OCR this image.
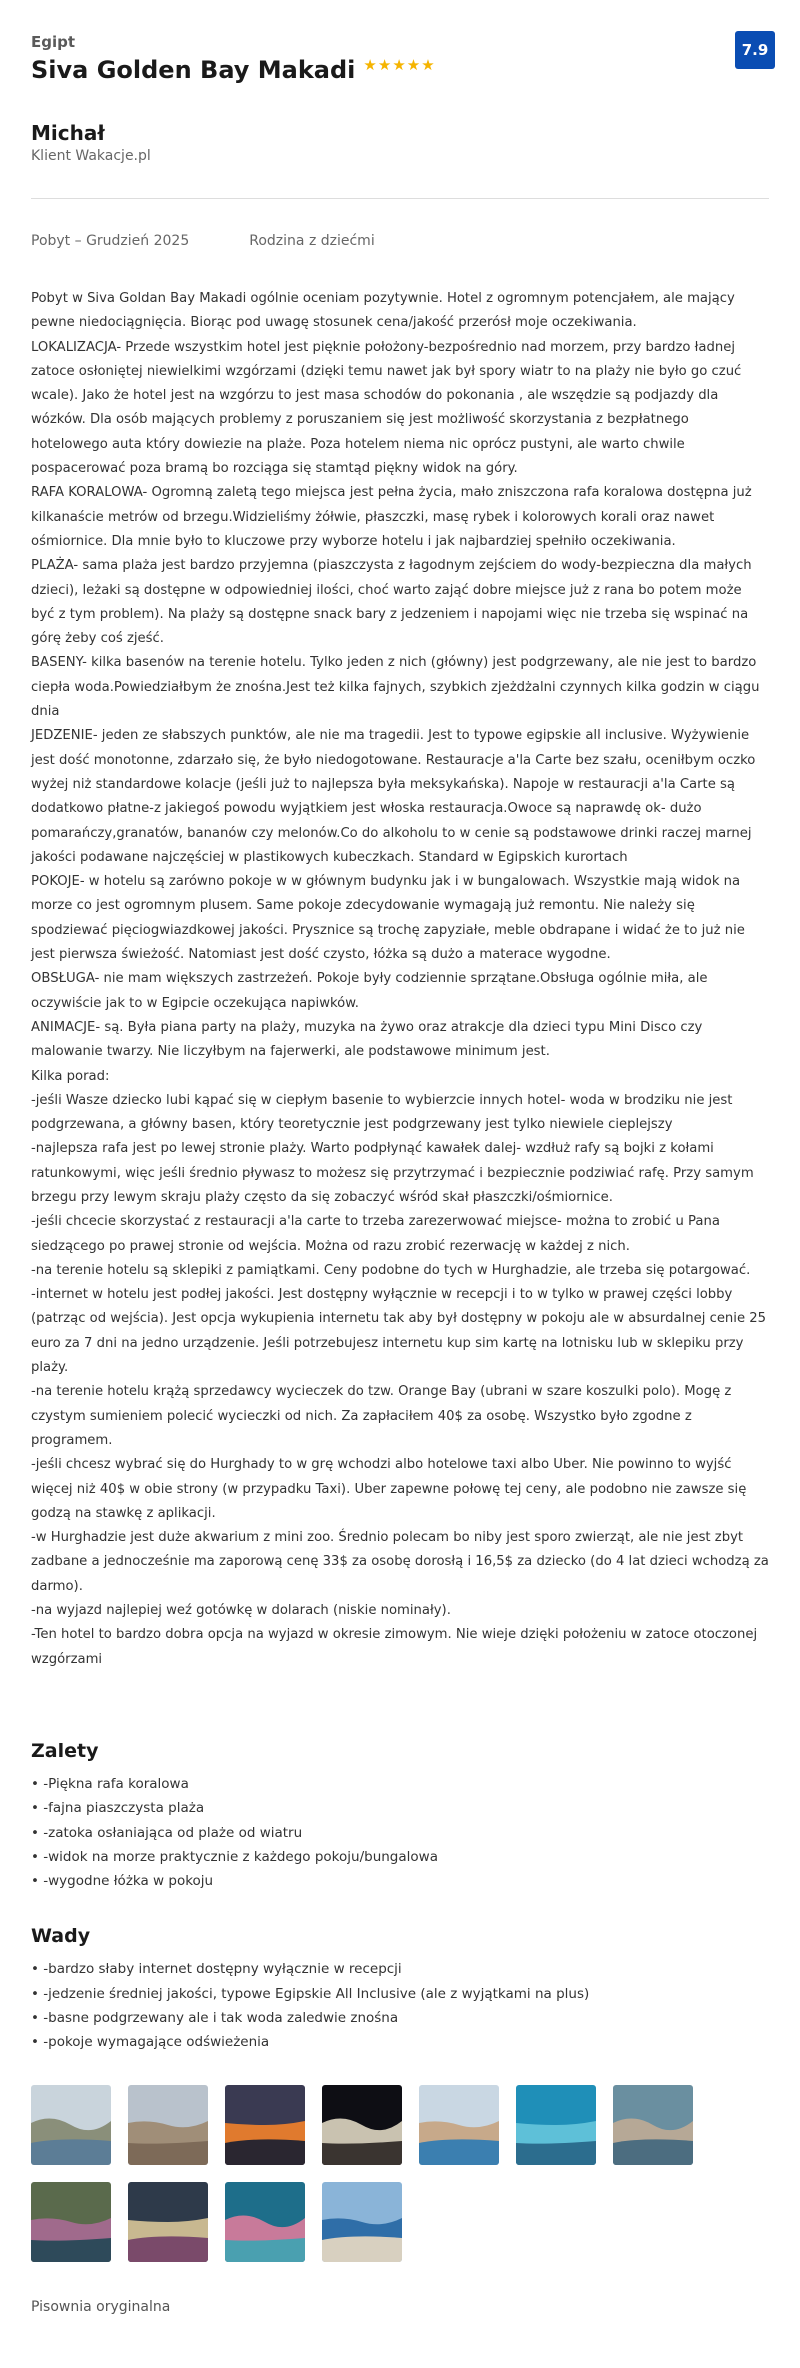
Egipt
Siva Golden Bay Makadi ★★★★★
7.9
Michał
Klient Wakacje.pl
Pobyt – Grudzień 2025	Rodzina z dziećmi

Pobyt w Siva Goldan Bay Makadi ogólnie oceniam pozytywnie. Hotel z ogromnym potencjałem, ale mający pewne niedociągnięcia. Biorąc pod uwagę stosunek cena/jakość przerósł moje oczekiwania.

LOKALIZACJA- Przede wszystkim hotel jest pięknie położony-bezpośrednio nad morzem, przy bardzo ładnej zatoce osłoniętej niewielkimi wzgórzami (dzięki temu nawet jak był spory wiatr to na plaży nie było go czuć wcale). Jako że hotel jest na wzgórzu to jest masa schodów do pokonania , ale wszędzie są podjazdy dla wózków. Dla osób mających problemy z poruszaniem się jest możliwość skorzystania z bezpłatnego hotelowego auta który dowiezie na plaże. Poza hotelem niema nic oprócz pustyni, ale warto chwile pospacerować poza bramą bo rozciąga się stamtąd piękny widok na góry.

RAFA KORALOWA- Ogromną zaletą tego miejsca jest pełna życia, mało zniszczona rafa koralowa dostępna już kilkanaście metrów od brzegu.Widzieliśmy żółwie, płaszczki, masę rybek i kolorowych korali oraz nawet ośmiornice. Dla mnie było to kluczowe przy wyborze hotelu i jak najbardziej spełniło oczekiwania.

PLAŻA- sama plaża jest bardzo przyjemna (piaszczysta z łagodnym zejściem do wody-bezpieczna dla małych dzieci), leżaki są dostępne w odpowiedniej ilości, choć warto zająć dobre miejsce już z rana bo potem może być z tym problem). Na plaży są dostępne snack bary z jedzeniem i napojami więc nie trzeba się wspinać na górę żeby coś zjeść.

BASENY- kilka basenów na terenie hotelu. Tylko jeden z nich (główny) jest podgrzewany, ale nie jest to bardzo ciepła woda.Powiedziałbym że znośna.Jest też kilka fajnych, szybkich zjeżdżalni czynnych kilka godzin w ciągu dnia

JEDZENIE- jeden ze słabszych punktów, ale nie ma tragedii. Jest to typowe egipskie all inclusive. Wyżywienie jest dość monotonne, zdarzało się, że było niedogotowane. Restauracje a'la Carte bez szału, oceniłbym oczko wyżej niż standardowe kolacje (jeśli już to najlepsza była meksykańska). Napoje w restauracji a'la Carte są dodatkowo płatne-z jakiegoś powodu wyjątkiem jest włoska restauracja.Owoce są naprawdę ok- dużo pomarańczy,granatów, bananów czy melonów.Co do alkoholu to w cenie są podstawowe drinki raczej marnej jakości podawane najczęściej w plastikowych kubeczkach. Standard w Egipskich kurortach

POKOJE- w hotelu są zarówno pokoje w w głównym budynku jak i w bungalowach. Wszystkie mają widok na morze co jest ogromnym plusem. Same pokoje zdecydowanie wymagają już remontu. Nie należy się spodziewać pięciogwiazdkowej jakości. Prysznice są trochę zapyziałe, meble obdrapane i widać że to już nie jest pierwsza świeżość. Natomiast jest dość czysto, łóżka są dużo a materace wygodne.

OBSŁUGA- nie mam większych zastrzeżeń. Pokoje były codziennie sprzątane.Obsługa ogólnie miła, ale oczywiście jak to w Egipcie oczekująca napiwków.

ANIMACJE- są. Była piana party na plaży, muzyka na żywo oraz atrakcje dla dzieci typu Mini Disco czy malowanie twarzy. Nie liczyłbym na fajerwerki, ale podstawowe minimum jest.

Kilka porad:

-jeśli Wasze dziecko lubi kąpać się w ciepłym basenie to wybierzcie innych hotel- woda w brodziku nie jest podgrzewana, a główny basen, który teoretycznie jest podgrzewany jest tylko niewiele cieplejszy

-najlepsza rafa jest po lewej stronie plaży. Warto podpłynąć kawałek dalej- wzdłuż rafy są bojki z kołami ratunkowymi, więc jeśli średnio pływasz to możesz się przytrzymać i bezpiecznie podziwiać rafę. Przy samym brzegu przy lewym skraju plaży często da się zobaczyć wśród skał płaszczki/ośmiornice.

-jeśli chcecie skorzystać z restauracji a'la carte to trzeba zarezerwować miejsce- można to zrobić u Pana siedzącego po prawej stronie od wejścia. Można od razu zrobić rezerwację w każdej z nich.

-na terenie hotelu są sklepiki z pamiątkami. Ceny podobne do tych w Hurghadzie, ale trzeba się potargować.

-internet w hotelu jest podłej jakości. Jest dostępny wyłącznie w recepcji i to w tylko w prawej części lobby (patrząc od wejścia). Jest opcja wykupienia internetu tak aby był dostępny w pokoju ale w absurdalnej cenie 25 euro za 7 dni na jedno urządzenie. Jeśli potrzebujesz internetu kup sim kartę na lotnisku lub w sklepiku przy plaży.

-na terenie hotelu krążą sprzedawcy wycieczek do tzw. Orange Bay (ubrani w szare koszulki polo). Mogę z czystym sumieniem polecić wycieczki od nich. Za zapłaciłem 40$ za osobę. Wszystko było zgodne z programem.

-jeśli chcesz wybrać się do Hurghady to w grę wchodzi albo hotelowe taxi albo Uber. Nie powinno to wyjść więcej niż 40$ w obie strony (w przypadku Taxi). Uber zapewne połowę tej ceny, ale podobno nie zawsze się godzą na stawkę z aplikacji.

-w Hurghadzie jest duże akwarium z mini zoo. Średnio polecam bo niby jest sporo zwierząt, ale nie jest zbyt zadbane a jednocześnie ma zaporową cenę 33$ za osobę dorosłą i 16,5$ za dziecko (do 4 lat dzieci wchodzą za darmo).

-na wyjazd najlepiej weź gotówkę w dolarach (niskie nominały).

-Ten hotel to bardzo dobra opcja na wyjazd w okresie zimowym. Nie wieje dzięki położeniu w zatoce otoczonej wzgórzami

Zalety
• -Piękna rafa koralowa
• -fajna piaszczysta plaża
• -zatoka osłaniająca od plaże od wiatru
• -widok na morze praktycznie z każdego pokoju/bungalowa
• -wygodne łóżka w pokoju
Wady
• -bardzo słaby internet dostępny wyłącznie w recepcji
• -jedzenie średniej jakości, typowe Egipskie All Inclusive (ale z wyjątkami na plus)
• -basne podgrzewany ale i tak woda zaledwie znośna
• -pokoje wymagające odświeżenia
Pisownia oryginalna
